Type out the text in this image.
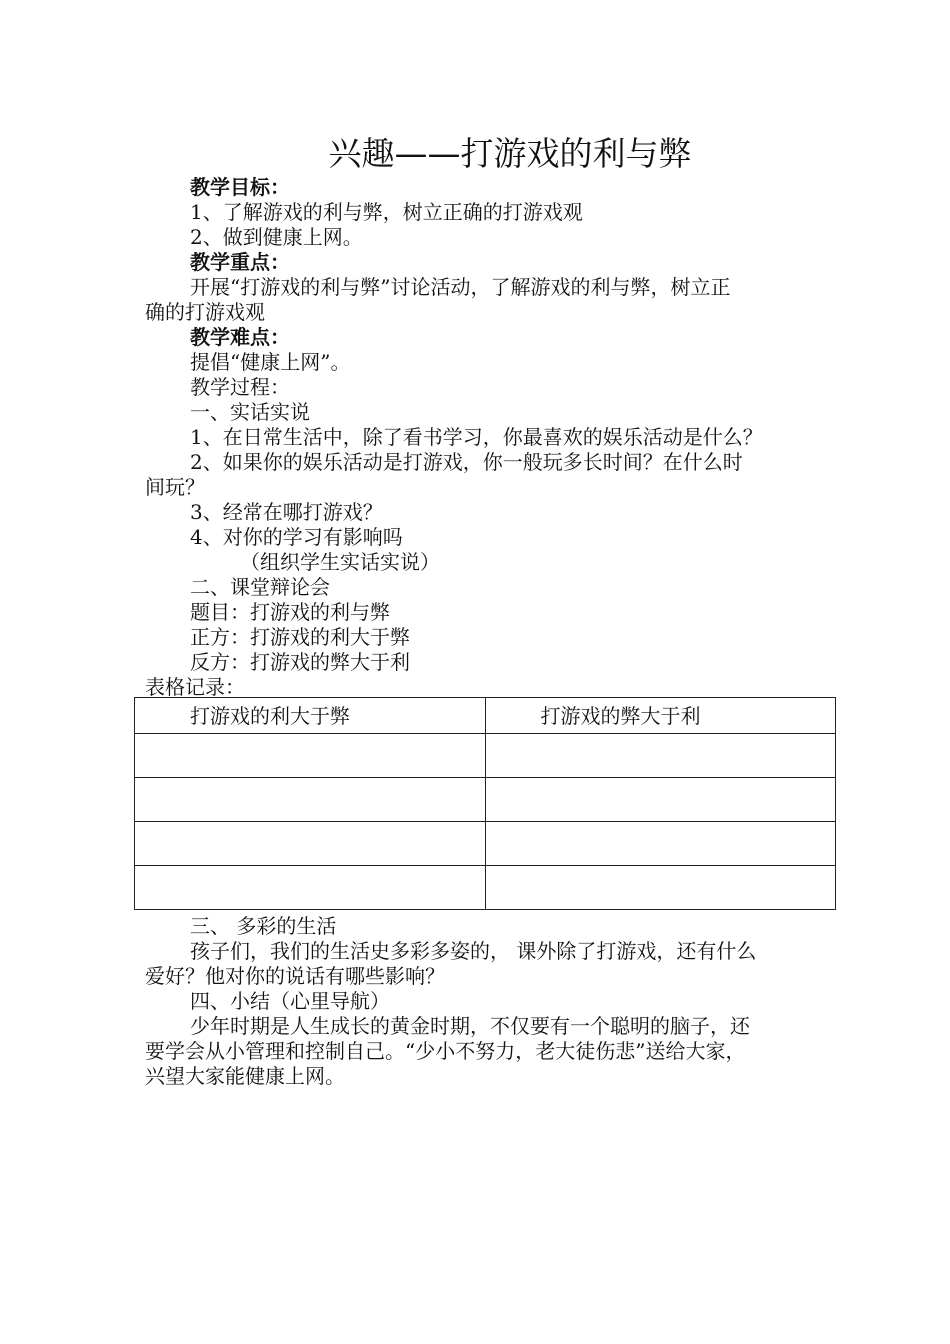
兴趣——打游戏的利与弊
教学目标：
1、了解游戏的利与弊，树立正确的打游戏观
2、做到健康上网。
教学重点：
开展“打游戏的利与弊”讨论活动，了解游戏的利与弊，树立正
确的打游戏观
教学难点：
提倡“健康上网”。
教学过程：
一、实话实说
1、在日常生活中，除了看书学习，你最喜欢的娱乐活动是什么？
2、如果你的娱乐活动是打游戏，你一般玩多长时间？在什么时
间玩？
3、经常在哪打游戏？
4、对你的学习有影响吗
（组织学生实话实说）
二、课堂辩论会
题目：打游戏的利与弊
正方：打游戏的利大于弊
反方：打游戏的弊大于利
表格记录：
打游戏的利大于弊	打游戏的弊大于利

三、 多彩的生活
孩子们，我们的生活史多彩多姿的， 课外除了打游戏，还有什么
爱好？他对你的说话有哪些影响？
四、小结（心里导航）
少年时期是人生成长的黄金时期，不仅要有一个聪明的脑子，还
要学会从小管理和控制自己。“少小不努力，老大徒伤悲”送给大家，
兴望大家能健康上网。
